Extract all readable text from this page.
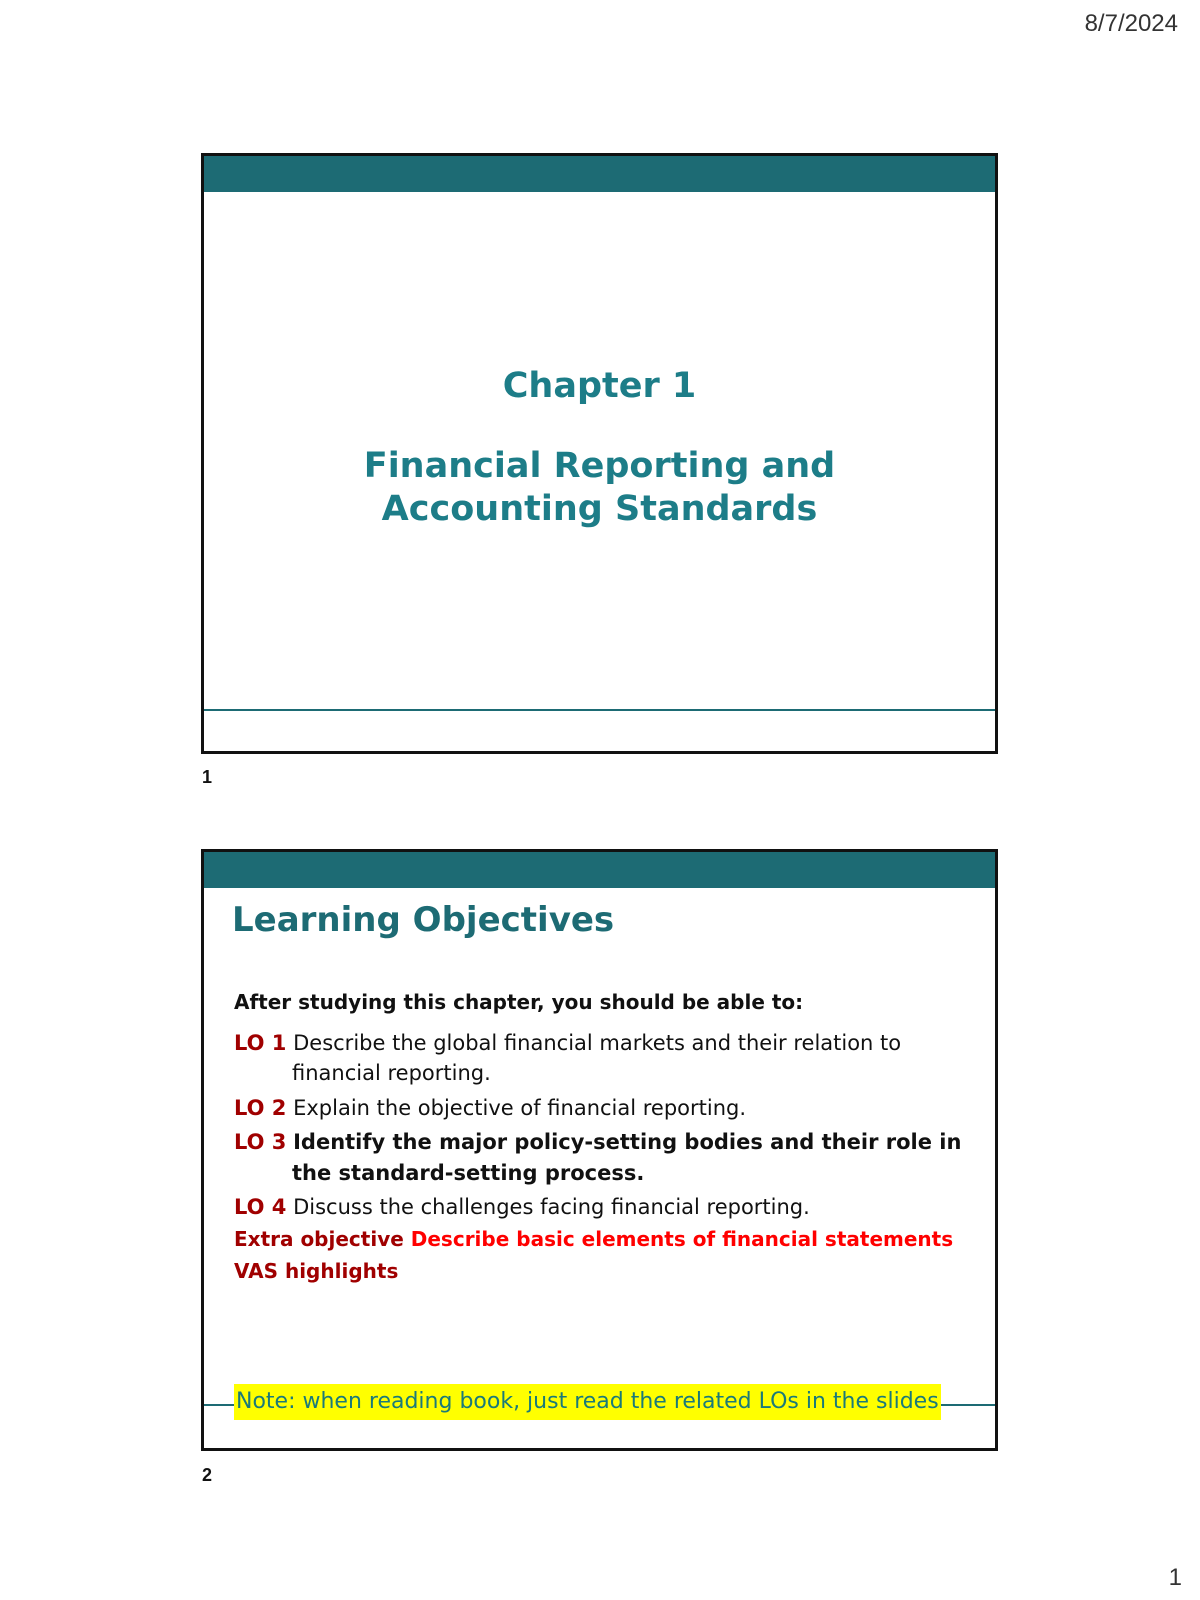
8/7/2024
Chapter 1
Financial Reporting and
Accounting Standards
1
Learning Objectives
After studying this chapter, you should be able to:
LO 1 Describe the global financial markets and their relation to
financial reporting.
LO 2 Explain the objective of financial reporting.
LO 3 Identify the major policy-setting bodies and their role in
the standard-setting process.
LO 4 Discuss the challenges facing financial reporting.
Extra objective Describe basic elements of financial statements
VAS highlights
Note: when reading book, just read the related LOs in the slides
2
1
